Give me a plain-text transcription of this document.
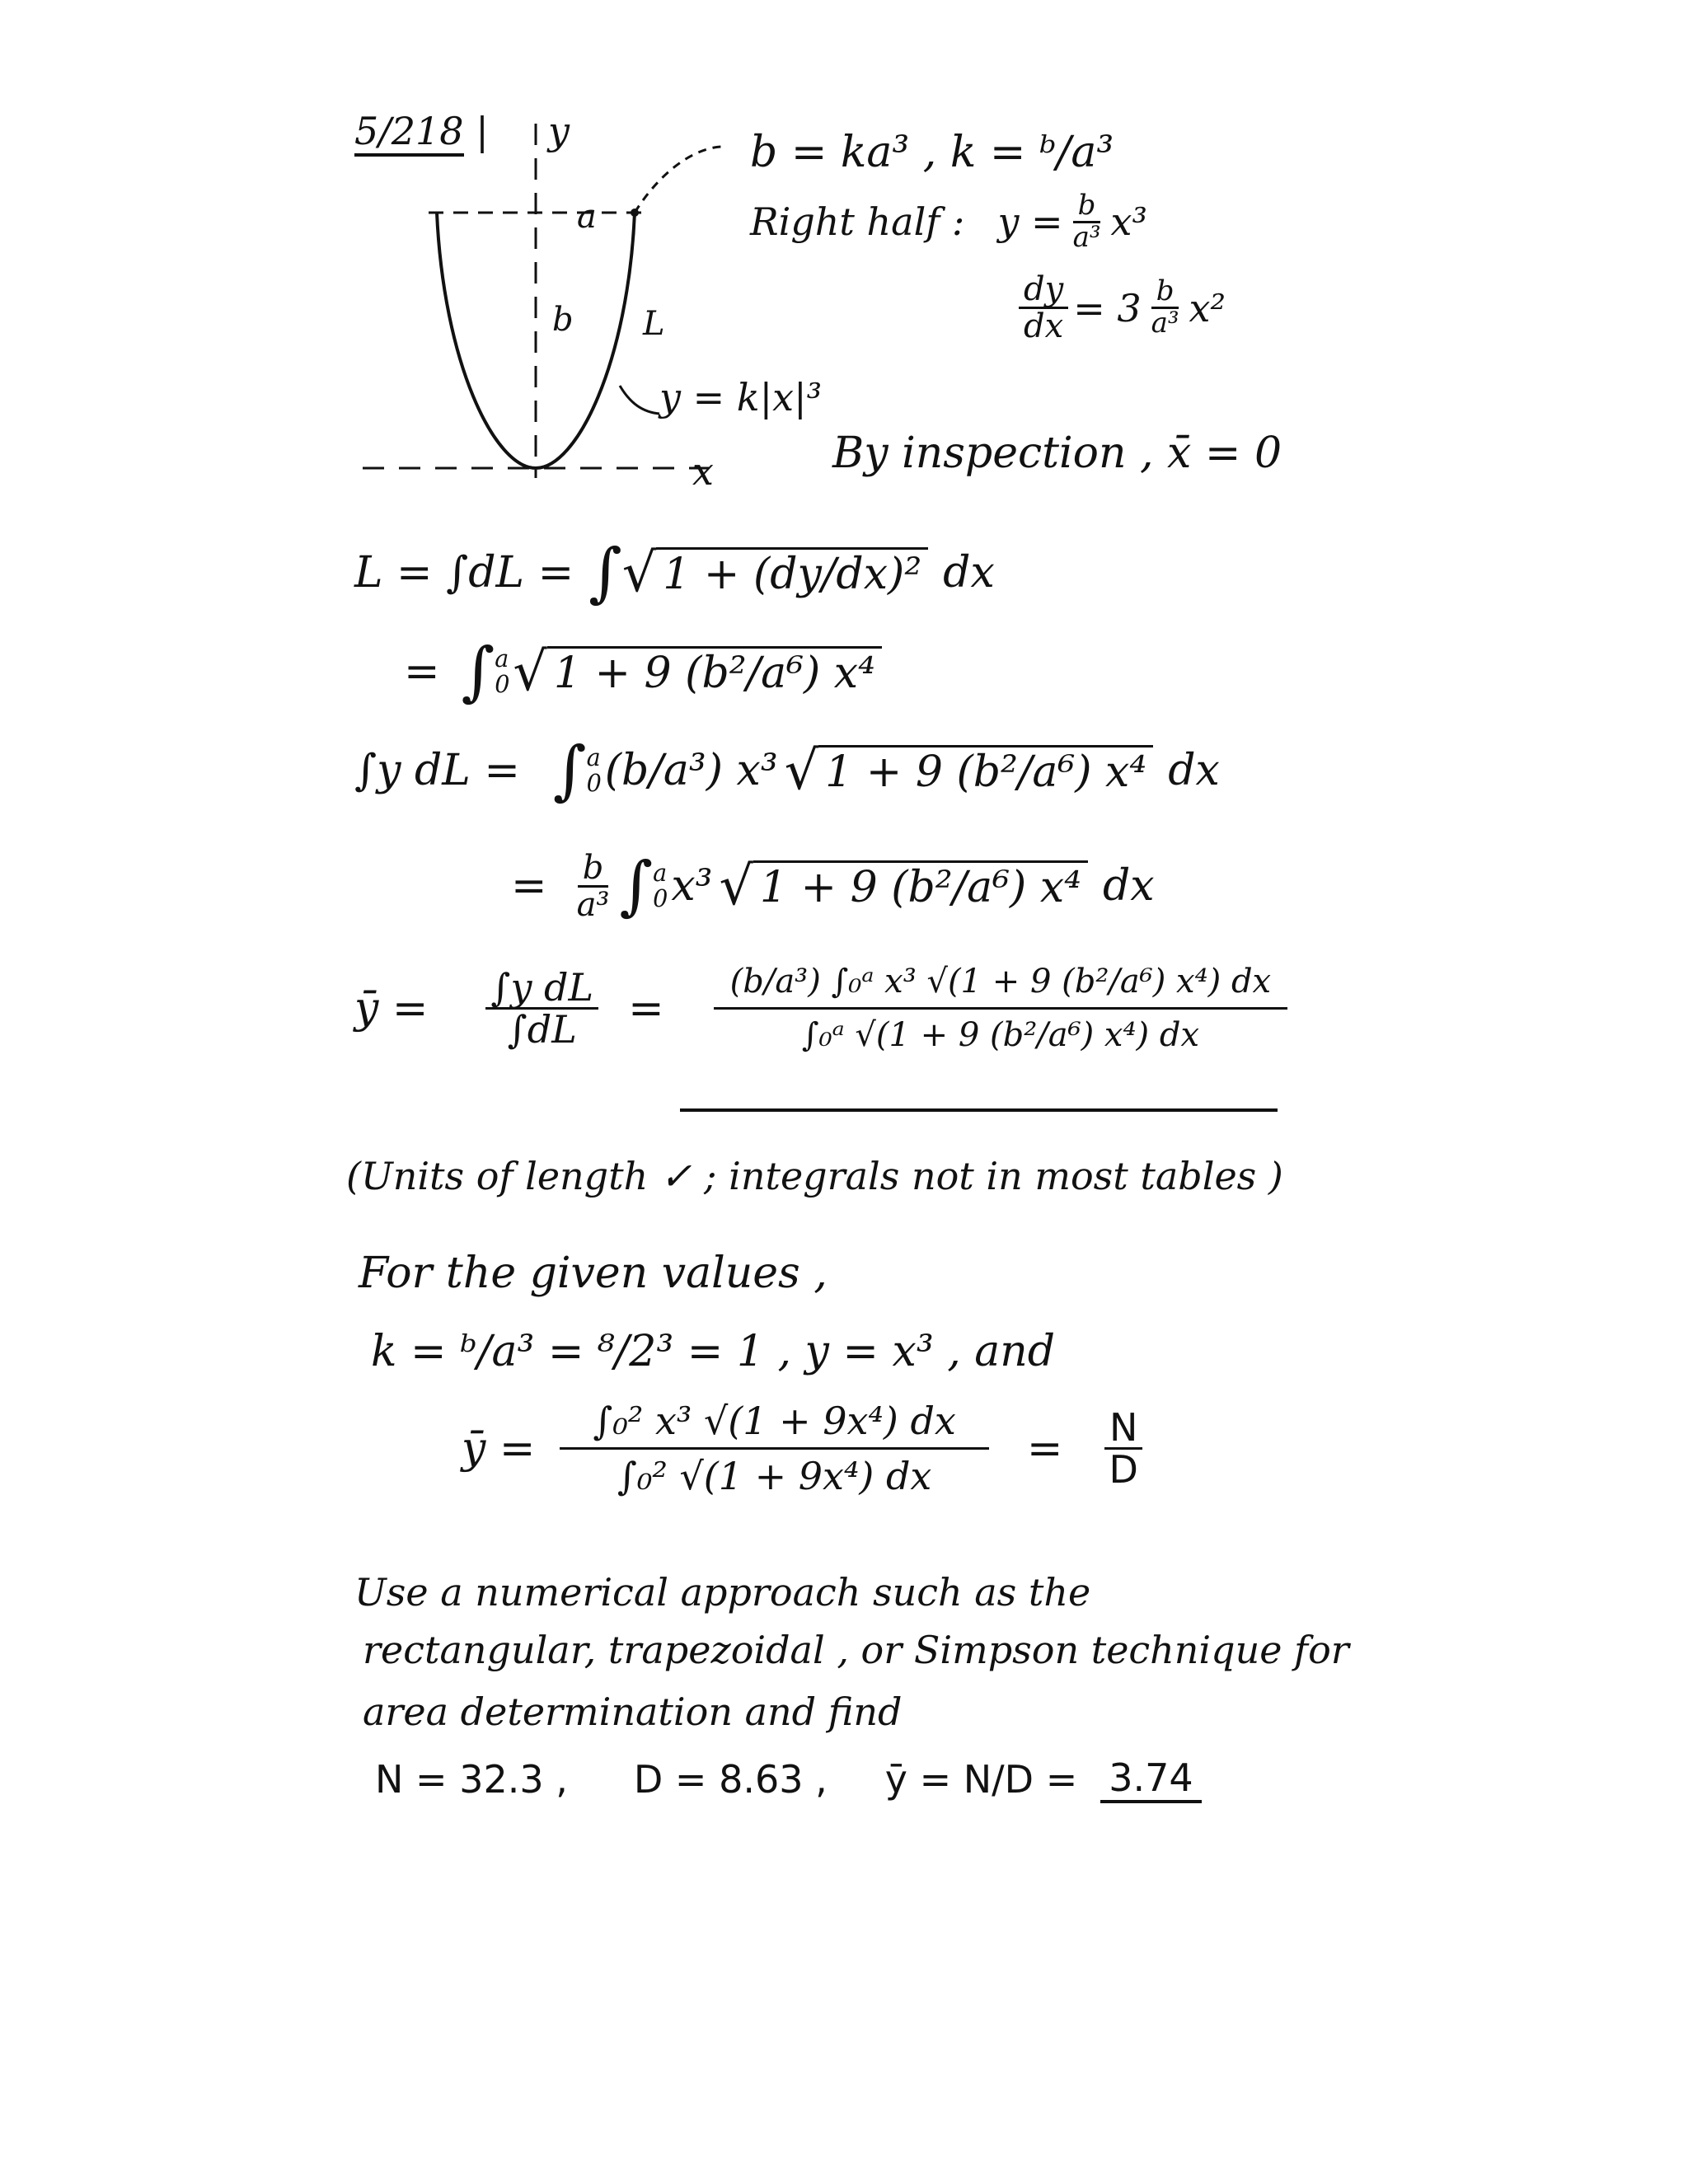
5/218 | y
a
b L
y = k|x|³
x
b = ka³ , k = ᵇ/a³
Right half : $y = \frac{b}{\text{a³}} x^3$
$\frac{dy}{dx} = 3 \frac{b}{\text{a³}} x^2$
By inspection , x̄ = 0
L = ∫dL = ∫ √ 1 + (dy/dx)² dx
= ∫ a
0 √ 1 + 9 (b²/a⁶) x⁴
∫y dL = ∫ a
0 (b/a³) x³ √ 1 + 9 (b²/a⁶) x⁴ dx
= $\frac{b}{\text{a³}}$ ∫ a
0 x³ √ 1 + 9 (b²/a⁶) x⁴ dx
ȳ = $\frac{\text{∫y dL}}{\int dL} = \frac{\text{(b/a³) ∫₀ᵃ x³ √(1 + 9 (b²/a⁶) x⁴) dx}}{\text{∫₀ᵃ √(1 + 9 (b²/a⁶) x⁴) dx}}$
(Units of length ✓ ; integrals not in most tables )
For the given values ,
k = ᵇ/a³ = ⁸/2³ = 1 , y = x³ , and
ȳ = $\frac{\text{∫₀² x³ √(1 + 9x⁴) dx}}{\text{∫₀² √(1 + 9x⁴) dx}} = \frac{N}{D}$
Use a numerical approach such as the
rectangular, trapezoidal , or Simpson technique for
area determination and find
N = 32.3 , D = 8.63 , ȳ = N/D = 3.74
